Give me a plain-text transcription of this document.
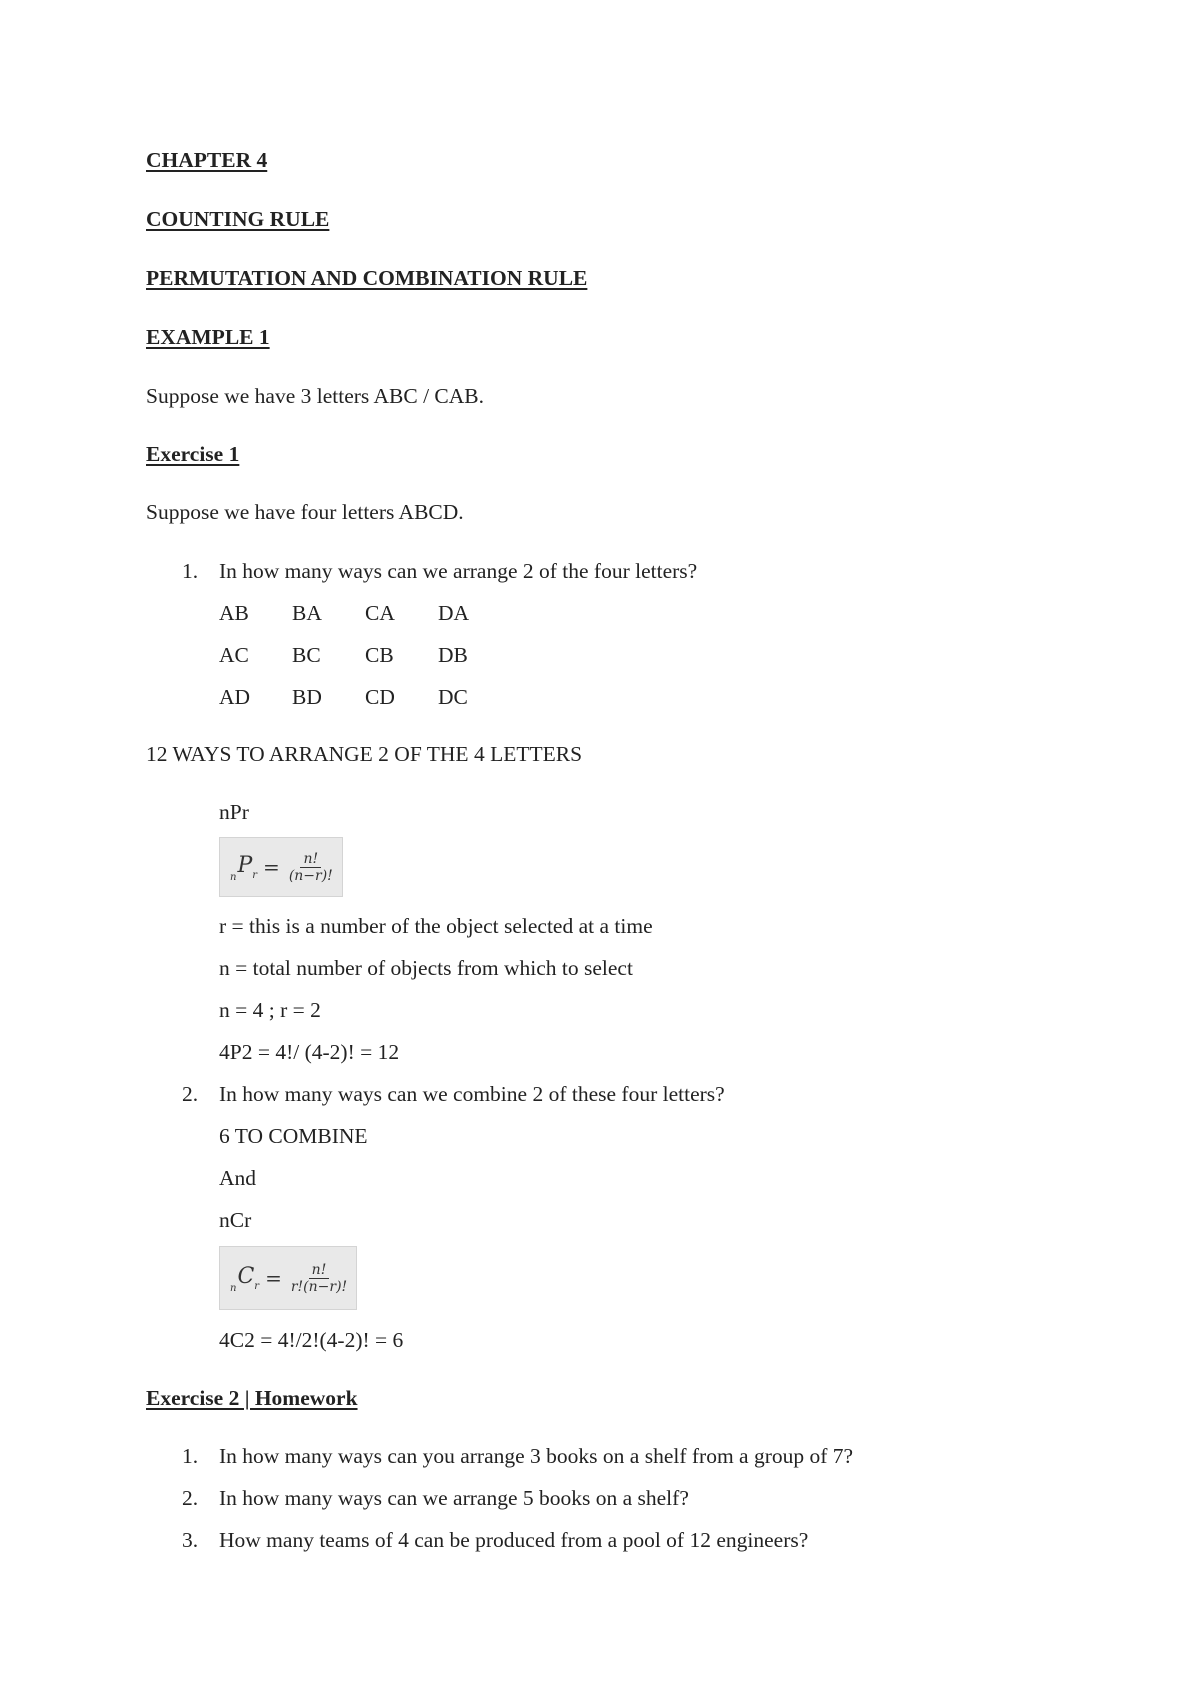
CHAPTER 4
COUNTING RULE
PERMUTATION AND COMBINATION RULE
EXAMPLE 1
Suppose we have 3 letters ABC / CAB.
Exercise 1
Suppose we have four letters ABCD.
1. In how many ways can we arrange 2 of the four letters?
AB BA CA DA
AC BC CB DB
AD BD CD DC
12 WAYS TO ARRANGE 2 OF THE 4 LETTERS
nPr
$_nP_r = \frac{n!}{(n-r)!}$
r = this is a number of the object selected at a time
n = total number of objects from which to select
n = 4 ; r = 2
4P2 = 4!/ (4-2)! = 12
2. In how many ways can we combine 2 of these four letters?
6 TO COMBINE
And
nCr
$_nC_r = \frac{n!}{r!(n-r)!}$
4C2 = 4!/2!(4-2)! = 6
Exercise 2 | Homework
1. In how many ways can you arrange 3 books on a shelf from a group of 7?
2. In how many ways can we arrange 5 books on a shelf?
3. How many teams of 4 can be produced from a pool of 12 engineers?
